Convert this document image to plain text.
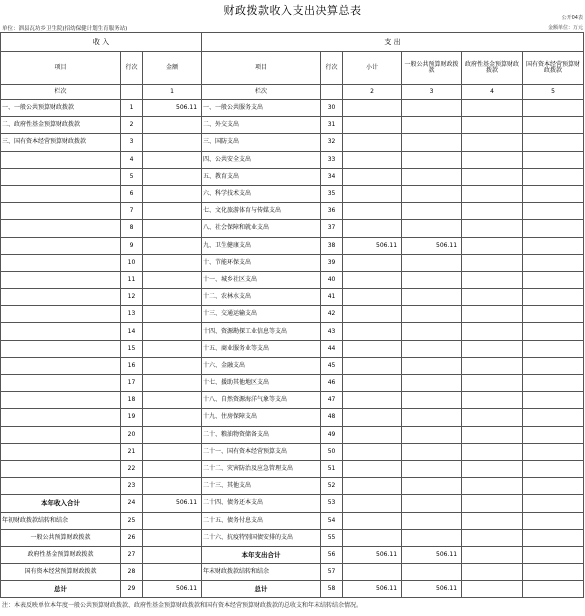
财政拨款收入支出决算总表
公开04表
单位：泗县瓦坊乡卫生院(招幼保健计划生育服务站)	金额单位：万元
收 入			支 出					
项目	行次	金额	项目	行次	小计	一般公共预算财政拨款	政府性基金预算财政拨款	国有资本经营预算财政拨款
栏次		1	栏次		2	3	4	5
一、一般公共预算财政拨款	1	506.11	一、一般公共服务支出	30				
二、政府性基金预算财政拨款	2		二、外交支出	31				
三、国有资本经营预算财政拨款	3		三、国防支出	32				
	4		四、公共安全支出	33				
	5		五、教育支出	34				
	6		六、科学技术支出	35				
	7		七、文化旅游体育与传媒支出	36				
	8		八、社会保障和就业支出	37				
	9		九、卫生健康支出	38	506.11	506.11		
	10		十、节能环保支出	39				
	11		十一、城乡社区支出	40				
	12		十二、农林水支出	41				
	13		十三、交通运输支出	42				
	14		十四、资源勘探工业信息等支出	43				
	15		十五、商业服务业等支出	44				
	16		十六、金融支出	45				
	17		十七、援助其他地区支出	46				
	18		十八、自然资源海洋气象等支出	47				
	19		十九、住房保障支出	48				
	20		二十、粮油物资储备支出	49				
	21		二十一、国有资本经营预算支出	50				
	22		二十二、灾害防治及应急管理支出	51				
	23		二十三、其他支出	52				
本年收入合计	24	506.11	二十四、债务还本支出	53				
年初财政拨款结转和结余	25		二十五、债务付息支出	54				
一般公共预算财政拨款	26		二十六、抗疫特别国债安排的支出	55				
政府性基金预算财政拨款	27		本年支出合计	56	506.11	506.11		
国有资本经营预算财政拨款	28		年末财政拨款结转和结余	57				
总计	29	506.11	总计	58	506.11	506.11		
注：本表反映单位本年度一般公共预算财政拨款、政府性基金预算财政拨款和国有资本经营预算财政拨款的总收支和年末结转结余情况。
